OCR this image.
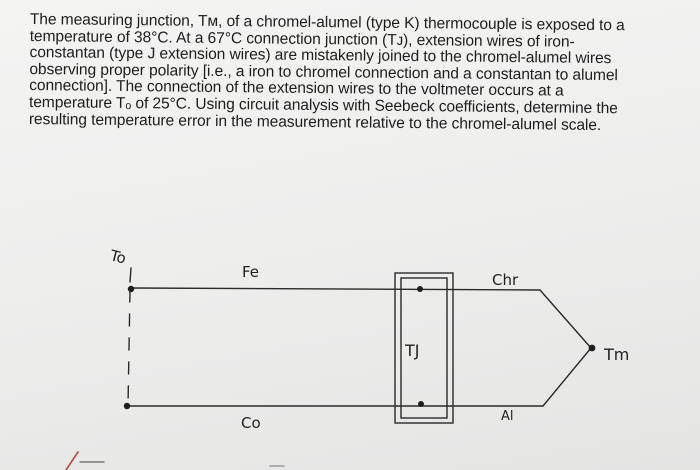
The measuring junction, Tᴍ, of a chromel-alumel (type K) thermocouple is exposed to a

temperature of 38°C. At a 67°C connection junction (Tᴊ), extension wires of iron-

constantan (type J extension wires) are mistakenly joined to the chromel-alumel wires

observing proper polarity [i.e., a iron to chromel connection and a constantan to alumel

connection]. The connection of the extension wires to the voltmeter occurs at a

temperature Tₒ of 25°C. Using circuit analysis with Seebeck coefficients, determine the

resulting temperature error in the measurement relative to the chromel-alumel scale.

To
Fe
Co
Chr
Al
TJ	Tm
